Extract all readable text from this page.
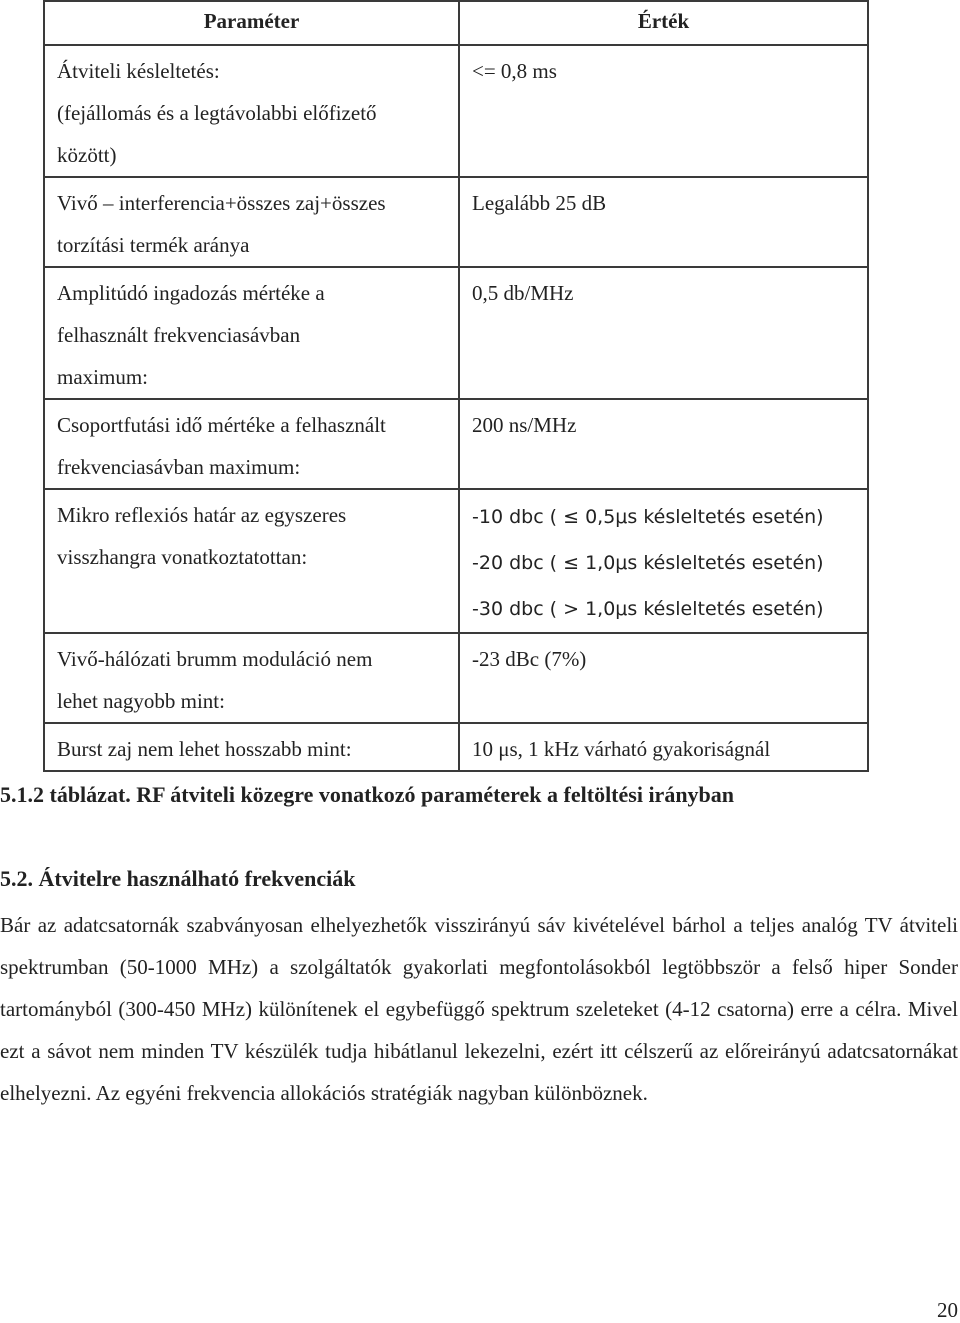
Paraméter	Érték

Átviteli késleltetés:
(fejállomás és a legtávolabbi előfizető
között)	<= 0,8 ms

Vivő – interferencia+összes zaj+összes
torzítási termék aránya	Legalább 25 dB

Amplitúdó ingadozás mértéke a
felhasznált frekvenciasávban
maximum:	0,5 db/MHz

Csoportfutási idő mértéke a felhasznált
frekvenciasávban maximum:	200 ns/MHz

Mikro reflexiós határ az egyszeres
visszhangra vonatkoztatottan:	-10 dbc ( ≤ 0,5μs késleltetés esetén)
-20 dbc ( ≤ 1,0μs késleltetés esetén)
-30 dbc ( > 1,0μs késleltetés esetén)

Vivő-hálózati brumm moduláció nem
lehet nagyobb mint:	-23 dBc (7%)

Burst zaj nem lehet hosszabb mint:	10 μs, 1 kHz várható gyakoriságnál
5.1.2 táblázat. RF átviteli közegre vonatkozó paraméterek a feltöltési irányban
5.2. Átvitelre használható frekvenciák

Bár az adatcsatornák szabványosan elhelyezhetők visszirányú sáv kivételével bárhol a teljes analóg TV átviteli spektrumban (50-1000 MHz) a szolgáltatók gyakorlati megfontolásokból legtöbbször a felső hiper Sonder tartományból (300-450 MHz) különítenek el egybefüggő spektrum szeleteket (4-12 csatorna) erre a célra. Mivel ezt a sávot nem minden TV készülék tudja hibátlanul lekezelni, ezért itt célszerű az előreirányú adatcsatornákat elhelyezni. Az egyéni frekvencia allokációs stratégiák nagyban különböznek.

20
